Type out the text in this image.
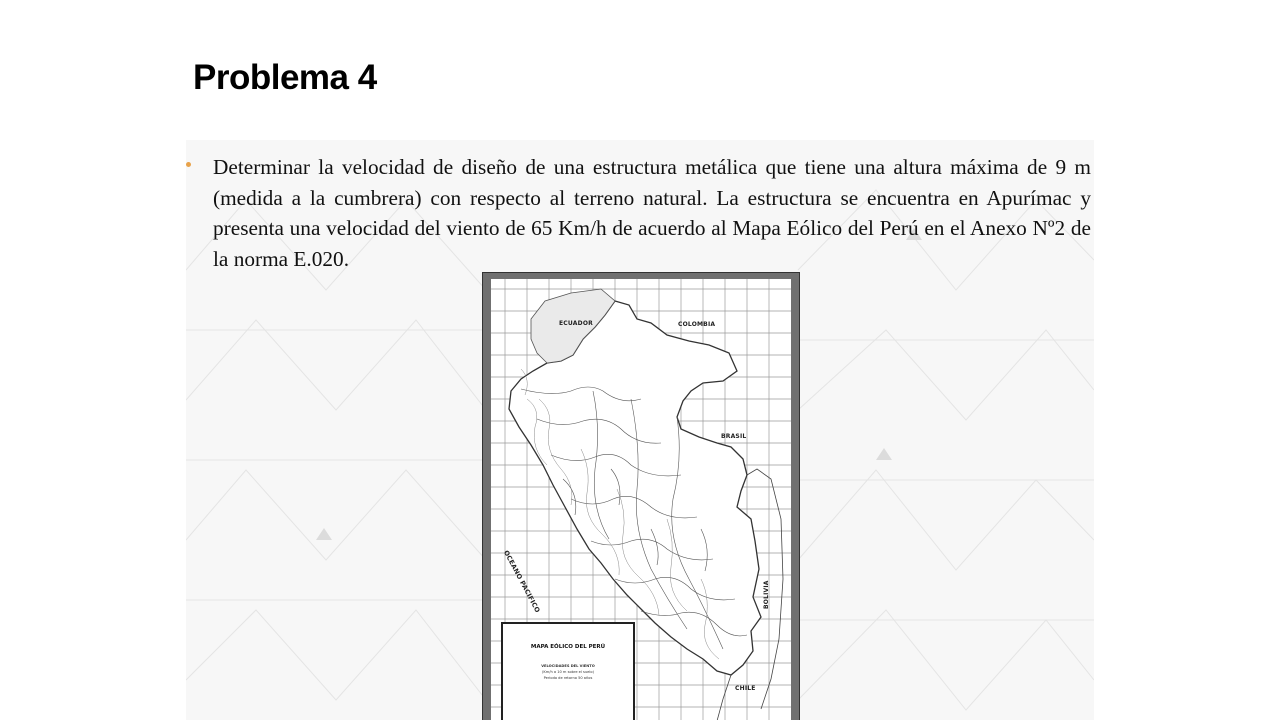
Problema 4

Determinar la velocidad de diseño de una estructura metálica que tiene una altura máxima de 9 m (medida a la cumbrera) con respecto al terreno natural. La estructura se encuentra en Apurímac y presenta una velocidad del viento de 65 Km/h de acuerdo al Mapa Eólico del Perú en el Anexo Nº2 de la norma E.020.

ECUADOR	COLOMBIA
BRASIL
OCEANO PACIFICO	BOLIVIA
CHILE
MAPA EÓLICO DEL PERÚ
VELOCIDADES DEL VIENTO
(Km/h a 10 m sobre el suelo)
Periodo de retorno 50 años
